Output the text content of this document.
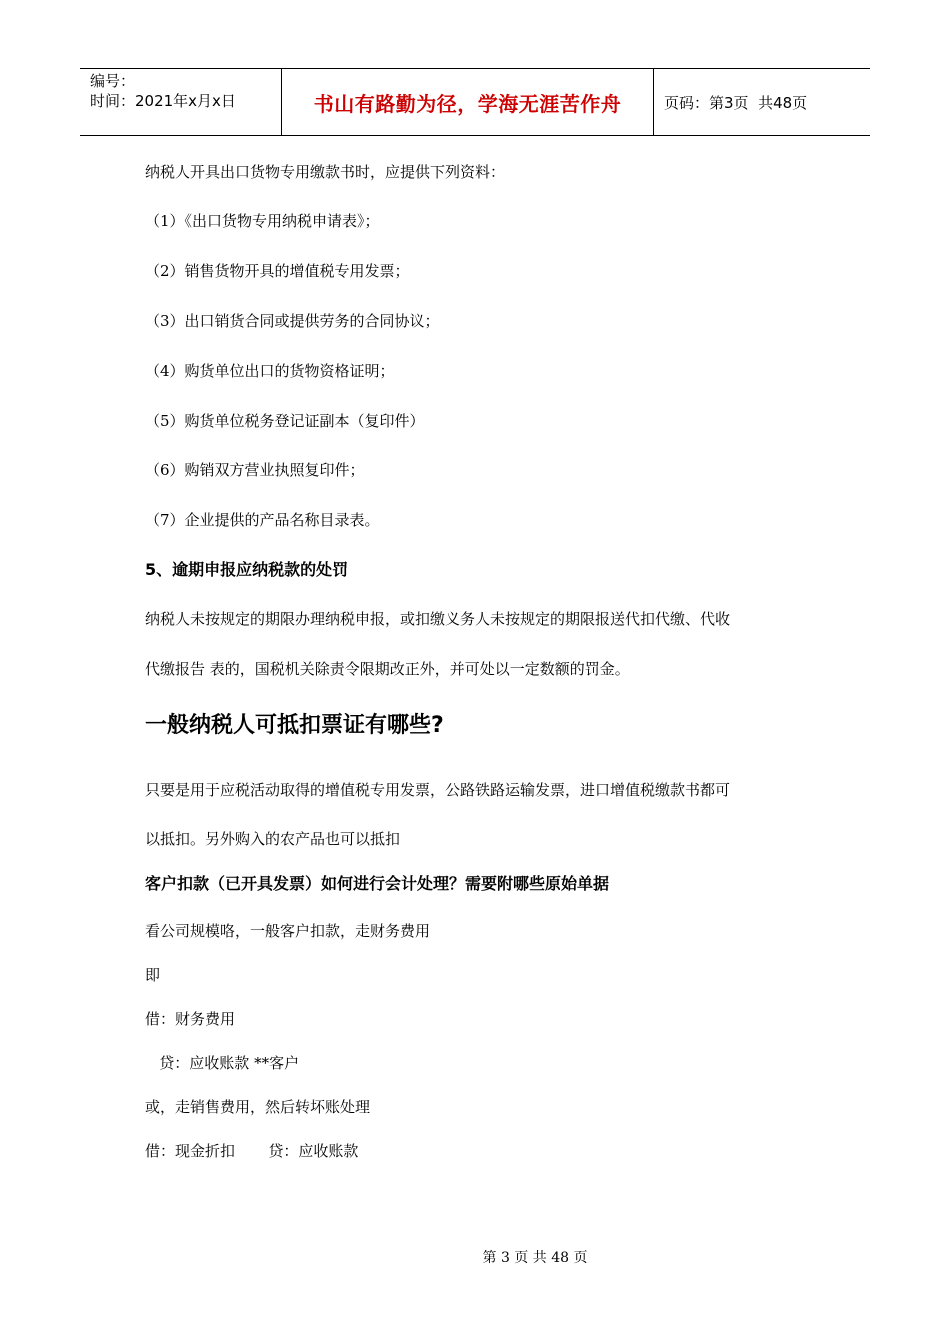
编号：
时间：2021年x月x日	书山有路勤为径，学海无涯苦作舟	页码：第3页  共48页
纳税人开具出口货物专用缴款书时，应提供下列资料：
（1）《出口货物专用纳税申请表》；
（2）销售货物开具的增值税专用发票；
（3）出口销货合同或提供劳务的合同协议；
（4）购货单位出口的货物资格证明；
（5）购货单位税务登记证副本（复印件）
（6）购销双方营业执照复印件；
（7）企业提供的产品名称目录表。
5、逾期申报应纳税款的处罚
纳税人未按规定的期限办理纳税申报，或扣缴义务人未按规定的期限报送代扣代缴、代收
代缴报告 表的，国税机关除责令限期改正外，并可处以一定数额的罚金。
一般纳税人可抵扣票证有哪些?
只要是用于应税活动取得的增值税专用发票，公路铁路运输发票，进口增值税缴款书都可
以抵扣。另外购入的农产品也可以抵扣
客户扣款（已开具发票）如何进行会计处理？需要附哪些原始单据
看公司规模咯，一般客户扣款，走财务费用
即
借：财务费用
贷：应收账款 **客户
或，走销售费用，然后转坏账处理
借：现金折扣       贷：应收账款
第 3 页 共 48 页
